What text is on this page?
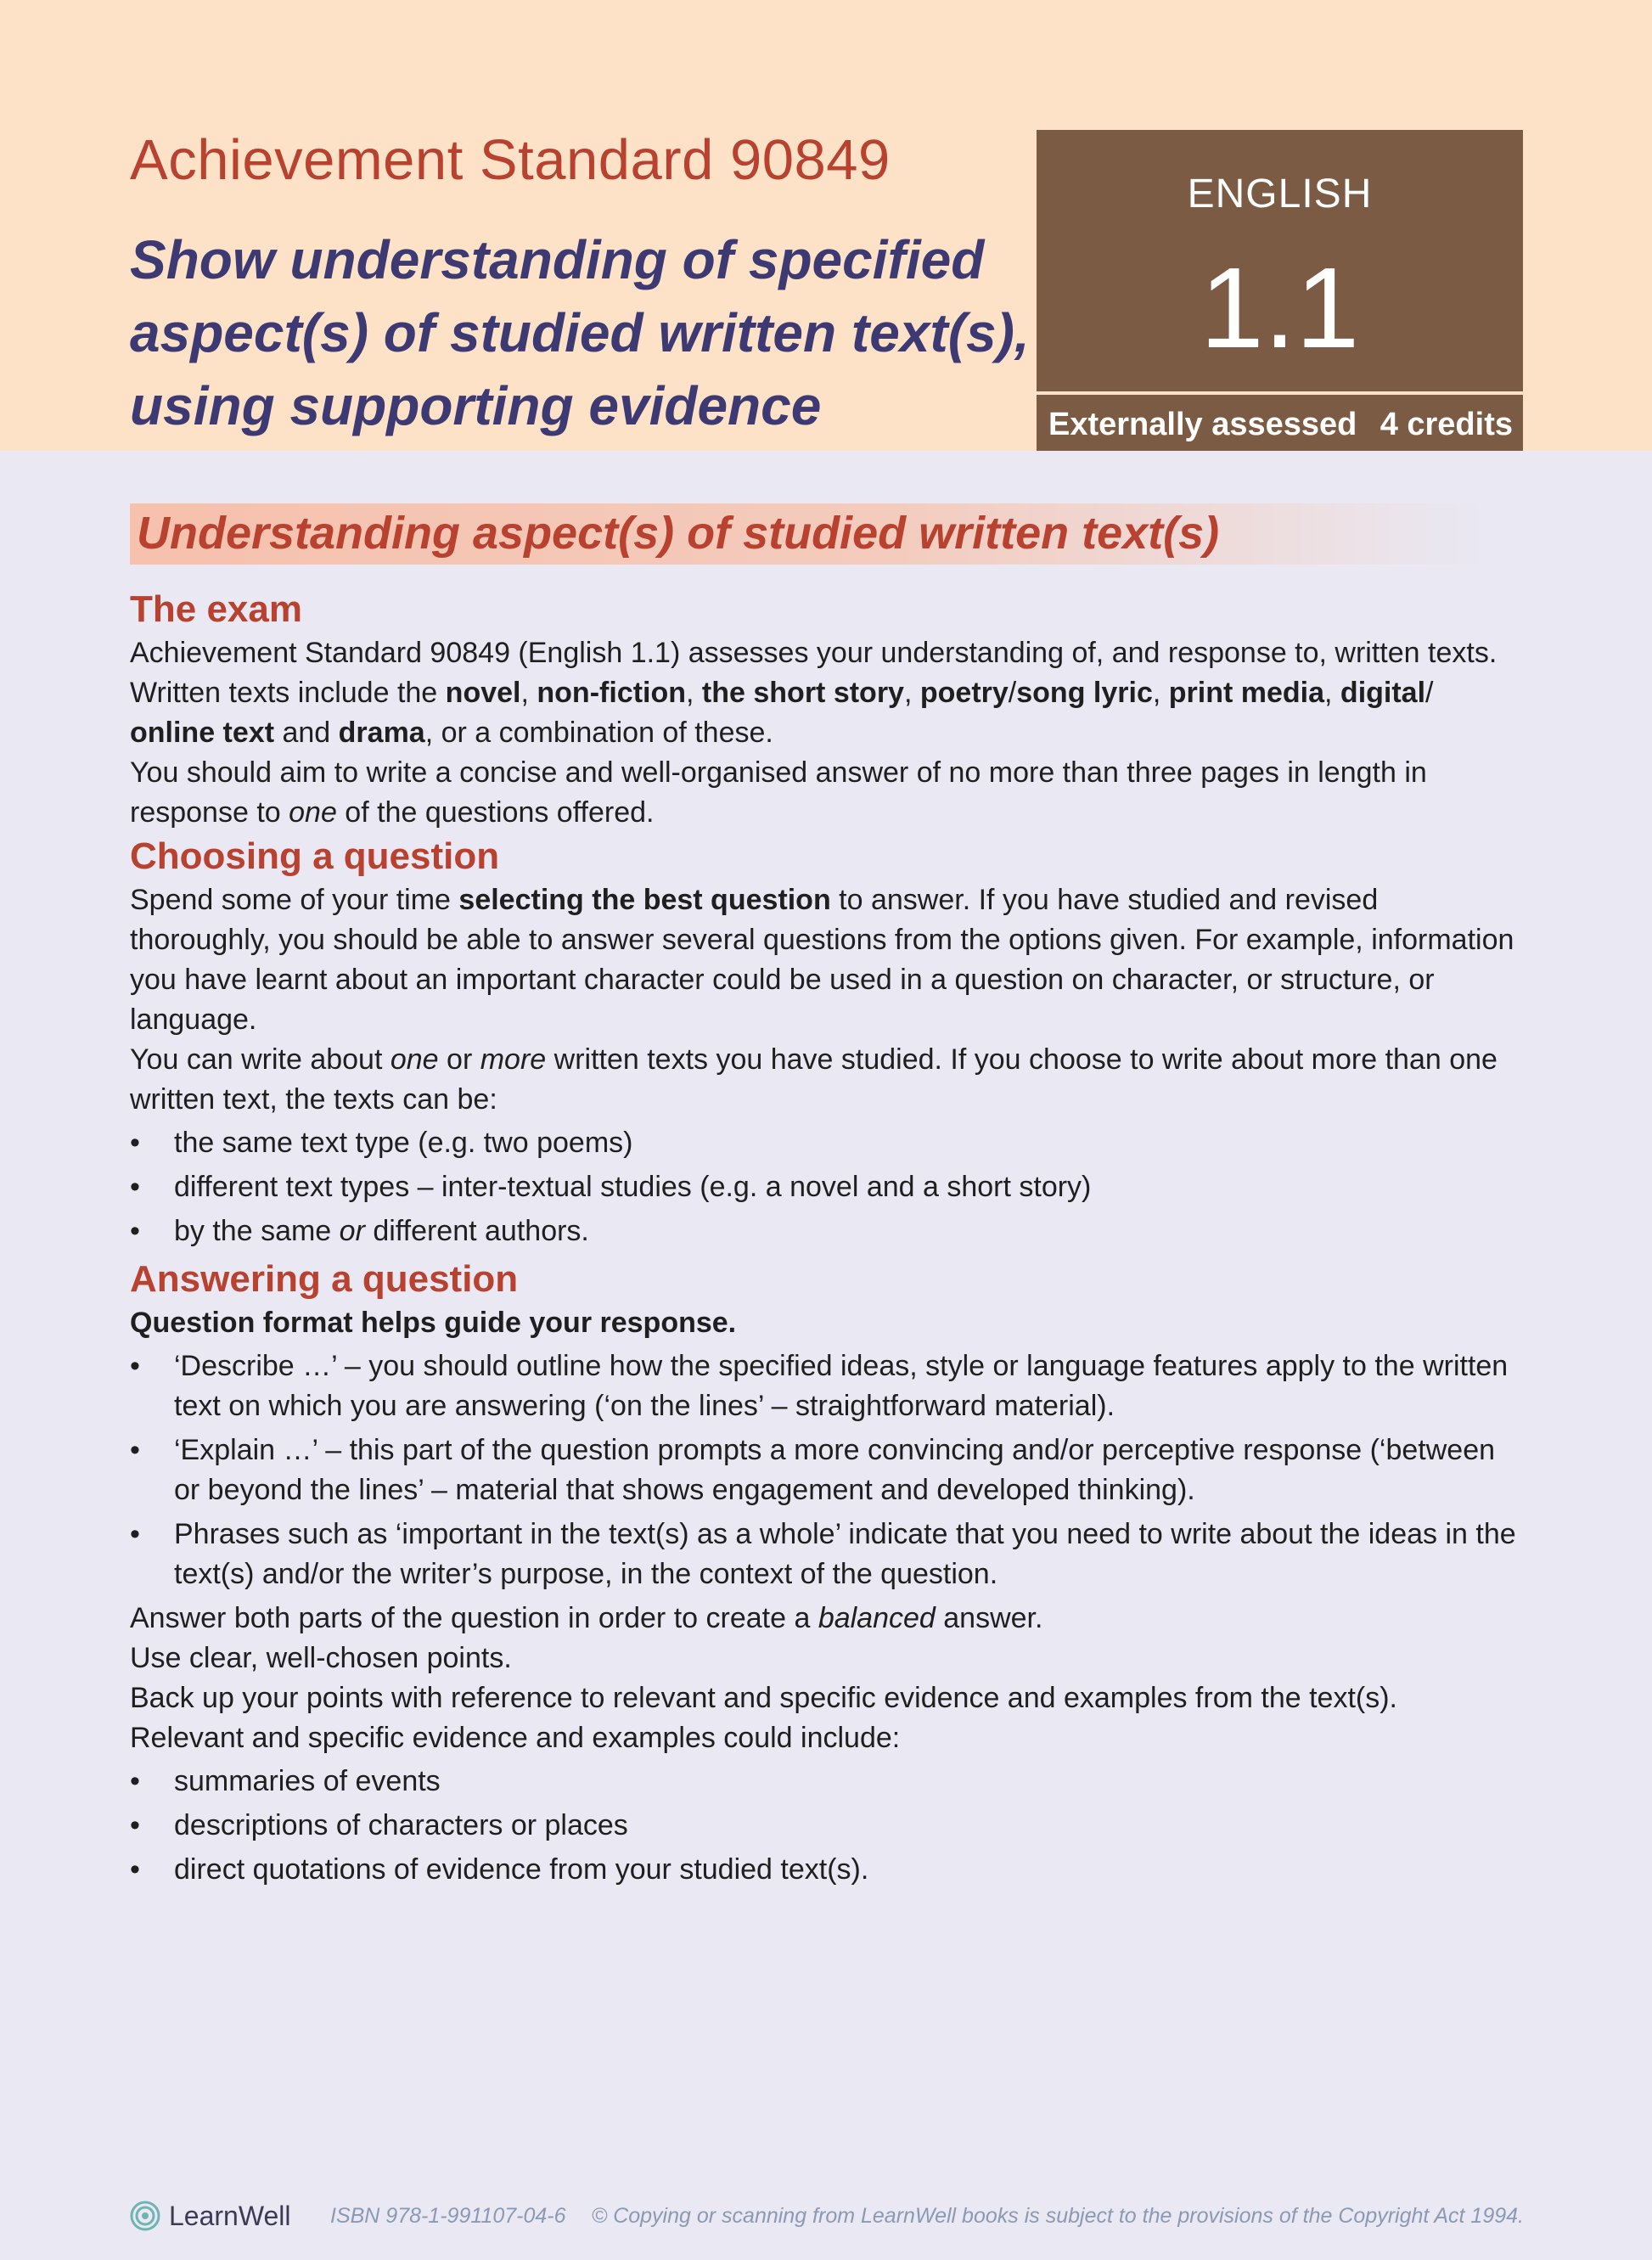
Achievement Standard 90849

Show understanding of specified aspect(s) of studied written text(s), using supporting evidence

ENGLISH
1.1
Externally assessed 4 credits
Understanding aspect(s) of studied written text(s)
The exam

Achievement Standard 90849 (English 1.1) assesses your understanding of, and response to, written texts.

Written texts include the novel, non-fiction, the short story, poetry/song lyric, print media, digital/ online text and drama, or a combination of these.

You should aim to write a concise and well-organised answer of no more than three pages in length in response to one of the questions offered.

Choosing a question

Spend some of your time selecting the best question to answer. If you have studied and revised thoroughly, you should be able to answer several questions from the options given. For example, information you have learnt about an important character could be used in a question on character, or structure, or language.

You can write about one or more written texts you have studied. If you choose to write about more than one written text, the texts can be:

• the same text type (e.g. two poems)
• different text types – inter-textual studies (e.g. a novel and a short story)
• by the same or different authors.
Answering a question

Question format helps guide your response.

• ‘Describe …’ – you should outline how the specified ideas, style or language features apply to the written text on which you are answering (‘on the lines’ – straightforward material).
• ‘Explain …’ – this part of the question prompts a more convincing and/or perceptive response (‘between or beyond the lines’ – material that shows engagement and developed thinking).
• Phrases such as ‘important in the text(s) as a whole’ indicate that you need to write about the ideas in the text(s) and/or the writer’s purpose, in the context of the question.

Answer both parts of the question in order to create a balanced answer.

Use clear, well-chosen points.

Back up your points with reference to relevant and specific evidence and examples from the text(s).

Relevant and specific evidence and examples could include:

• summaries of events
• descriptions of characters or places
• direct quotations of evidence from your studied text(s).
LearnWell ISBN 978-1-991107-04-6 © Copying or scanning from LearnWell books is subject to the provisions of the Copyright Act 1994.
